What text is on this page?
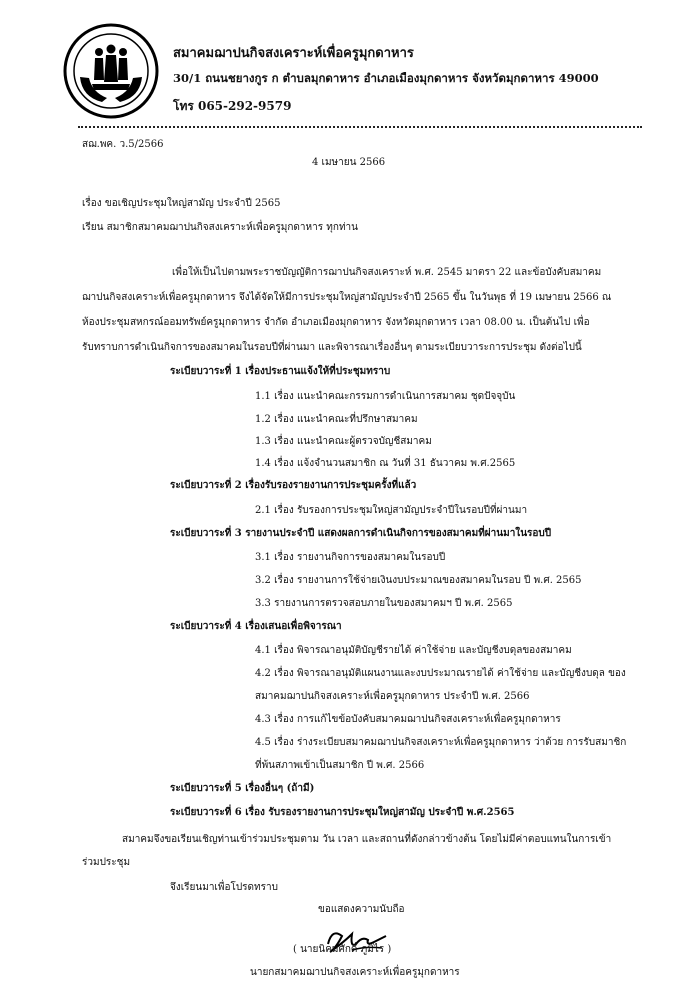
สมาคมฌาปนกิจสงเคราะห์เพื่อครูมุกดาหาร
30/1 ถนนชยางกูร ก ตำบลมุกดาหาร อำเภอเมืองมุกดาหาร จังหวัดมุกดาหาร 49000
โทร 065-292-9579
สฌ.พค. ว.5/2566
4 เมษายน 2566
เรื่อง ขอเชิญประชุมใหญ่สามัญ ประจำปี 2565
เรียน สมาชิกสมาคมฌาปนกิจสงเคราะห์เพื่อครูมุกดาหาร ทุกท่าน
เพื่อให้เป็นไปตามพระราชบัญญัติการฌาปนกิจสงเคราะห์ พ.ศ. 2545 มาตรา 22 และข้อบังคับสมาคม
ฌาปนกิจสงเคราะห์เพื่อครูมุกดาหาร จึงได้จัดให้มีการประชุมใหญ่สามัญประจำปี 2565 ขึ้น ในวันพุธ ที่ 19 เมษายน 2566 ณ
ห้องประชุมสหกรณ์ออมทรัพย์ครูมุกดาหาร จำกัด อำเภอเมืองมุกดาหาร จังหวัดมุกดาหาร เวลา 08.00 น. เป็นต้นไป เพื่อ
รับทราบการดำเนินกิจการของสมาคมในรอบปีที่ผ่านมา และพิจารณาเรื่องอื่นๆ ตามระเบียบวาระการประชุม ดังต่อไปนี้
ระเบียบวาระที่ 1 เรื่องประธานแจ้งให้ที่ประชุมทราบ
1.1 เรื่อง แนะนำคณะกรรมการดำเนินการสมาคม ชุดปัจจุบัน
1.2 เรื่อง แนะนำคณะที่ปรึกษาสมาคม
1.3 เรื่อง แนะนำคณะผู้ตรวจบัญชีสมาคม
1.4 เรื่อง แจ้งจำนวนสมาชิก ณ วันที่ 31 ธันวาคม พ.ศ.2565
ระเบียบวาระที่ 2 เรื่องรับรองรายงานการประชุมครั้งที่แล้ว
2.1 เรื่อง รับรองการประชุมใหญ่สามัญประจำปีในรอบปีที่ผ่านมา
ระเบียบวาระที่ 3 รายงานประจำปี แสดงผลการดำเนินกิจการของสมาคมที่ผ่านมาในรอบปี
3.1 เรื่อง รายงานกิจการของสมาคมในรอบปี
3.2 เรื่อง รายงานการใช้จ่ายเงินงบประมาณของสมาคมในรอบ ปี พ.ศ. 2565
3.3 รายงานการตรวจสอบภายในของสมาคมฯ ปี พ.ศ. 2565
ระเบียบวาระที่ 4 เรื่องเสนอเพื่อพิจารณา
4.1 เรื่อง พิจารณาอนุมัติบัญชีรายได้ ค่าใช้จ่าย และบัญชีงบดุลของสมาคม
4.2 เรื่อง พิจารณาอนุมัติแผนงานและงบประมาณรายได้ ค่าใช้จ่าย และบัญชีงบดุล ของ
สมาคมฌาปนกิจสงเคราะห์เพื่อครูมุกดาหาร ประจำปี พ.ศ. 2566
4.3 เรื่อง การแก้ไขข้อบังคับสมาคมฌาปนกิจสงเคราะห์เพื่อครูมุกดาหาร
4.5 เรื่อง ร่างระเบียบสมาคมฌาปนกิจสงเคราะห์เพื่อครูมุกดาหาร ว่าด้วย การรับสมาชิก
ที่พ้นสภาพเข้าเป็นสมาชิก ปี พ.ศ. 2566
ระเบียบวาระที่ 5 เรื่องอื่นๆ (ถ้ามี)
ระเบียบวาระที่ 6 เรื่อง รับรองรายงานการประชุมใหญ่สามัญ ประจำปี พ.ศ.2565
สมาคมจึงขอเรียนเชิญท่านเข้าร่วมประชุมตาม วัน เวลา และสถานที่ดังกล่าวข้างต้น โดยไม่มีค่าตอบแทนในการเข้า
ร่วมประชุม
จึงเรียนมาเพื่อโปรดทราบ
ขอแสดงความนับถือ
( นายนิคมศักดิ์ ภูมิไร )
นายกสมาคมฌาปนกิจสงเคราะห์เพื่อครูมุกดาหาร
